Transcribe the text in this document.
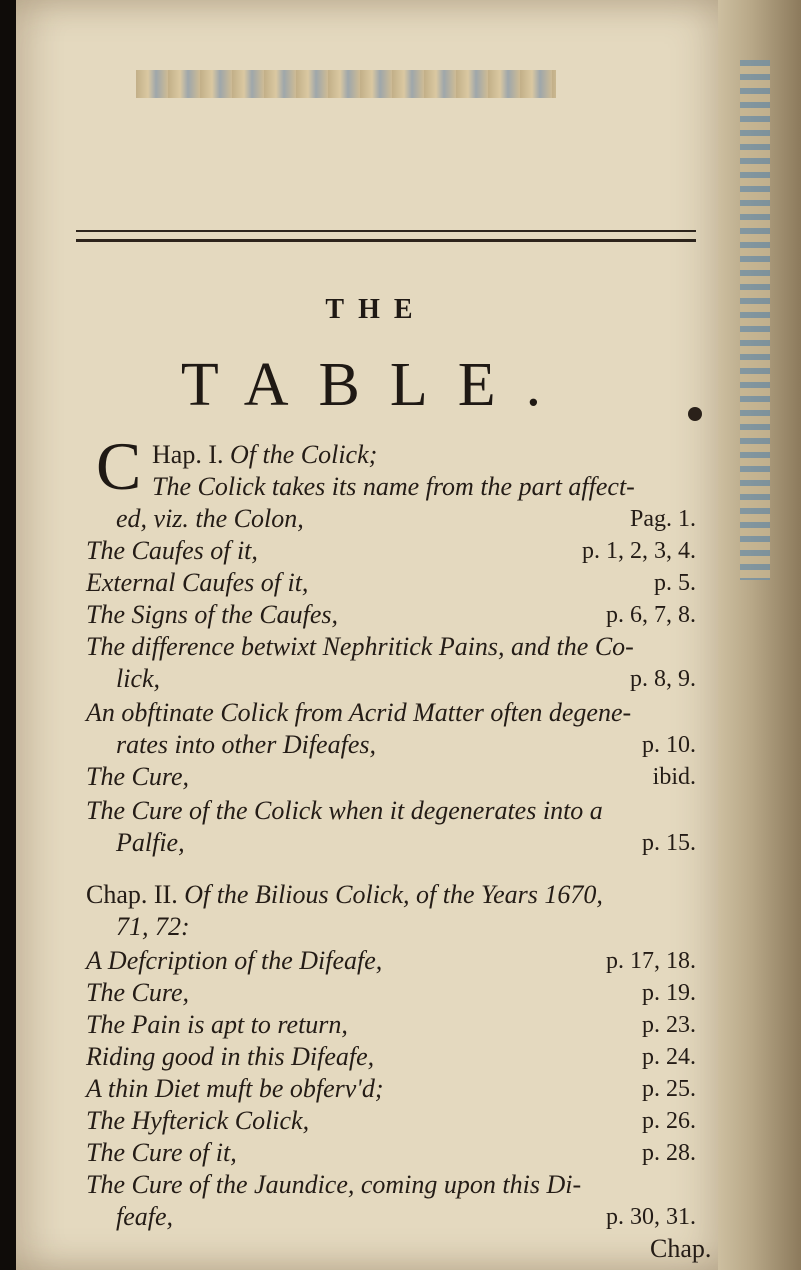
THE
TABLE.
C Hap. I. Of the Colick;
The Colick takes its name from the part affect-
ed, viz. the Colon,	Pag. 1.
The Caufes of it,	p. 1, 2, 3, 4.
External Caufes of it,	p. 5.
The Signs of the Caufes,	p. 6, 7, 8.
The difference betwixt Nephritick Pains, and the Co-
lick,	p. 8, 9.
An obftinate Colick from Acrid Matter often degene-
rates into other Difeafes,	p. 10.
The Cure,	ibid.
The Cure of the Colick when it degenerates into a
Palfie,	p. 15.
Chap. II. Of the Bilious Colick, of the Years 1670,
71, 72:
A Defcription of the Difeafe,	p. 17, 18.
The Cure,	p. 19.
The Pain is apt to return,	p. 23.
Riding good in this Difeafe,	p. 24.
A thin Diet muft be obferv'd;	p. 25.
The Hyfterick Colick,	p. 26.
The Cure of it,	p. 28.
The Cure of the Jaundice, coming upon this Di-
feafe,	p. 30, 31.
Chap.
